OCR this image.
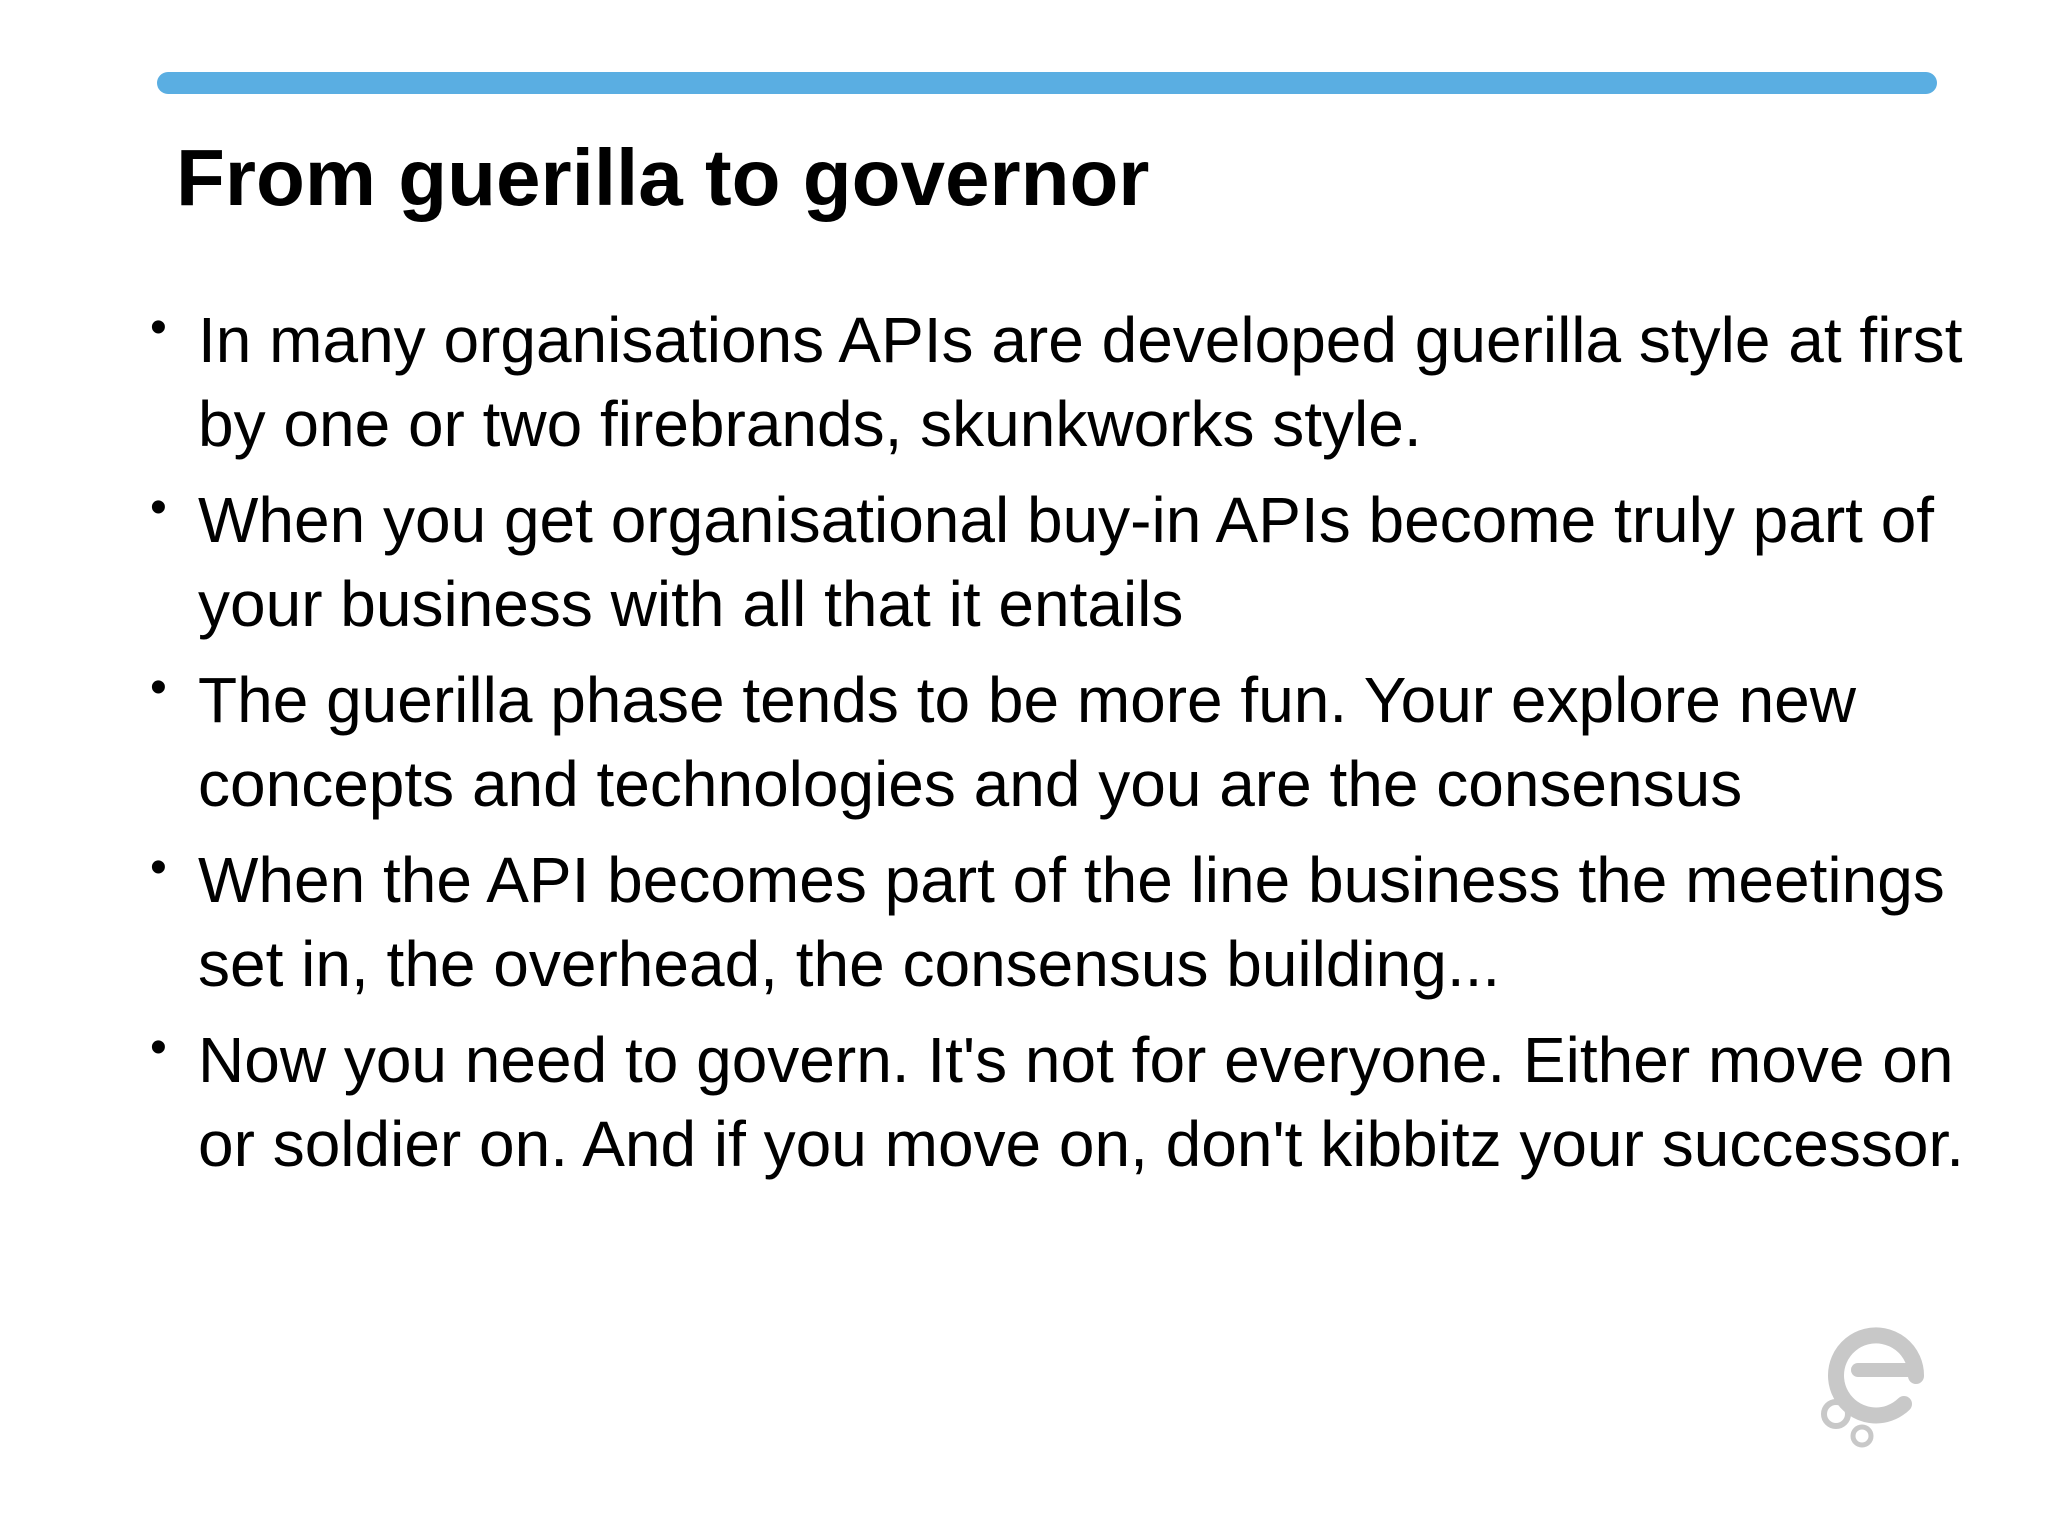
From guerilla to governor
• In many organisations APIs are developed guerilla style at first by one or two firebrands, skunkworks style.
• When you get organisational buy-in APIs become truly part of your business with all that it entails
• The guerilla phase tends to be more fun. Your explore new concepts and technologies and you are the consensus
• When the API becomes part of the line business the meetings set in, the overhead, the consensus building...
• Now you need to govern. It's not for everyone. Either move on or soldier on. And if you move on, don't kibbitz your successor.
